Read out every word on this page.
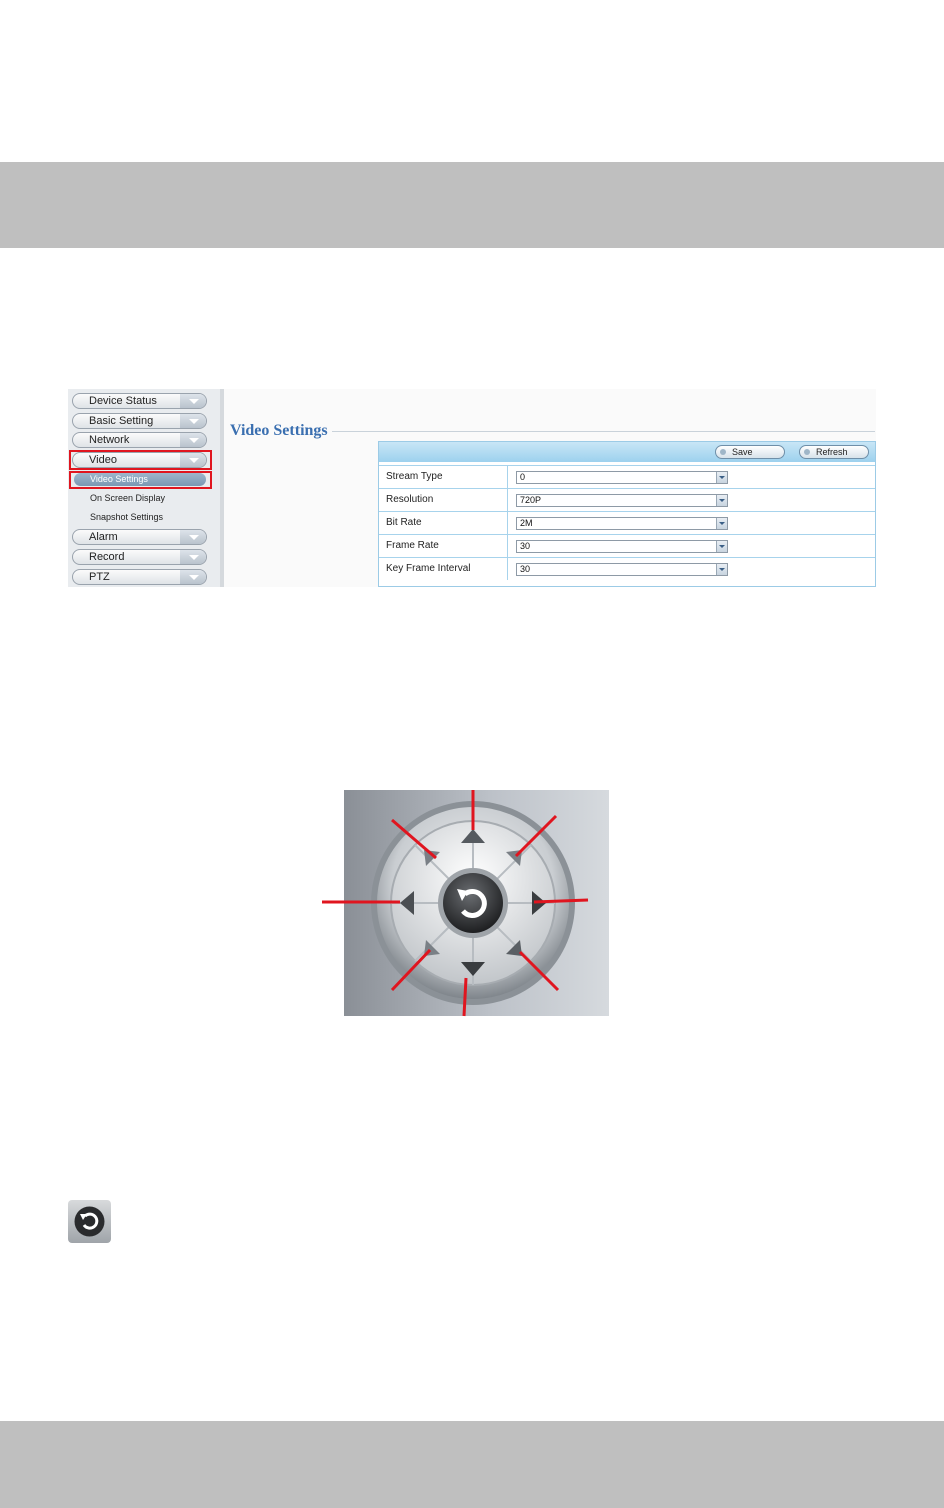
Device Status
Basic Setting
Network
Video
Video Settings
On Screen Display
Snapshot Settings
Alarm
Record
PTZ
Video Settings
Save	Refresh
Stream Type	0
Resolution	720P
Bit Rate	2M
Frame Rate	30
Key Frame Interval	30
